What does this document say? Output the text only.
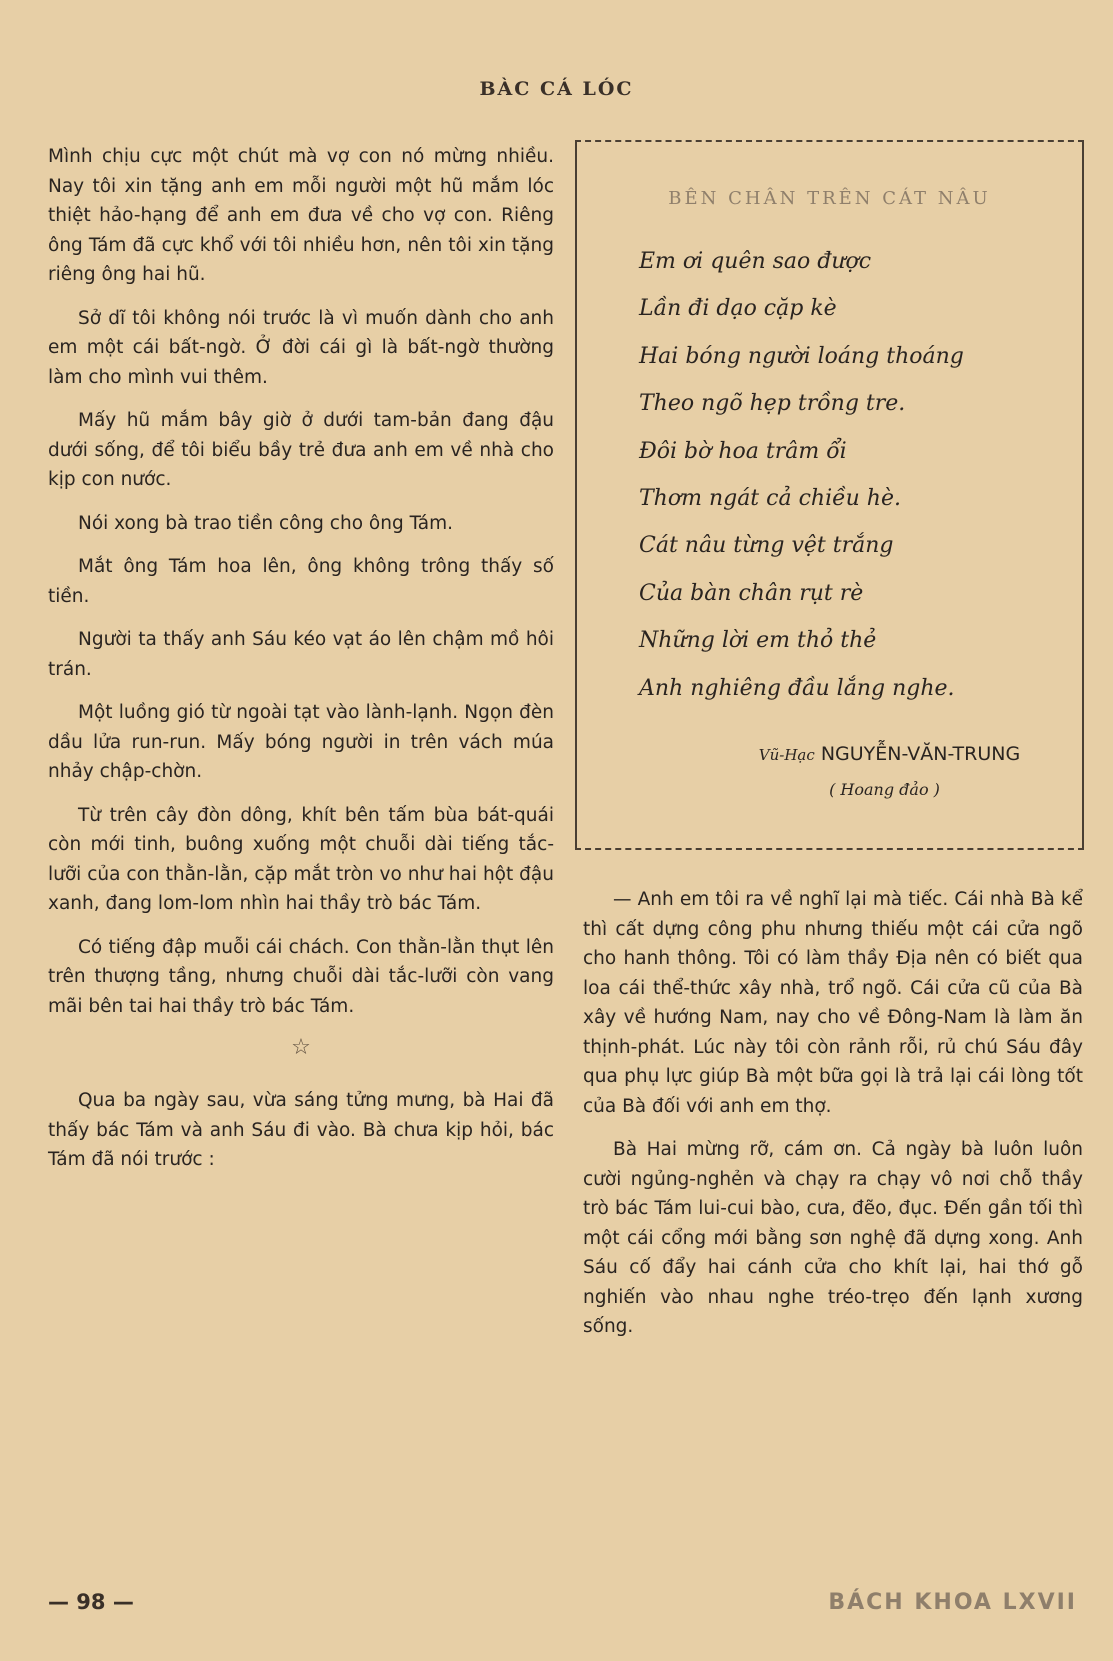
BÀC CÁ LÓC

Mình chịu cực một chút mà vợ con nó mừng nhiều. Nay tôi xin tặng anh em mỗi người một hũ mắm lóc thiệt hảo-hạng để anh em đưa về cho vợ con. Riêng ông Tám đã cực khổ với tôi nhiều hơn, nên tôi xin tặng riêng ông hai hũ.

Sở dĩ tôi không nói trước là vì muốn dành cho anh em một cái bất-ngờ. Ở đời cái gì là bất-ngờ thường làm cho mình vui thêm.

Mấy hũ mắm bây giờ ở dưới tam-bản đang đậu dưới sống, để tôi biểu bầy trẻ đưa anh em về nhà cho kịp con nước.

Nói xong bà trao tiền công cho ông Tám.

Mắt ông Tám hoa lên, ông không trông thấy số tiền.

Người ta thấy anh Sáu kéo vạt áo lên chậm mồ hôi trán.

Một luồng gió từ ngoài tạt vào lành-lạnh. Ngọn đèn dầu lửa run-run. Mấy bóng người in trên vách múa nhảy chập-chờn.

Từ trên cây đòn dông, khít bên tấm bùa bát-quái còn mới tinh, buông xuống một chuỗi dài tiếng tắc-lưỡi của con thằn-lằn, cặp mắt tròn vo như hai hột đậu xanh, đang lom-lom nhìn hai thầy trò bác Tám.

Có tiếng đập muỗi cái chách. Con thằn-lằn thụt lên trên thượng tầng, nhưng chuỗi dài tắc-lưỡi còn vang mãi bên tai hai thầy trò bác Tám.

☆

Qua ba ngày sau, vừa sáng tửng mưng, bà Hai đã thấy bác Tám và anh Sáu đi vào. Bà chưa kịp hỏi, bác Tám đã nói trước :

BÊN CHÂN TRÊN CÁT NÂU
Em ơi quên sao được
Lần đi dạo cặp kè
Hai bóng người loáng thoáng
Theo ngõ hẹp trồng tre.
Đôi bờ hoa trâm ổi
Thơm ngát cả chiều hè.
Cát nâu từng vệt trắng
Của bàn chân rụt rè
Những lời em thỏ thẻ
Anh nghiêng đầu lắng nghe.
Vũ-Hạc NGUYỄN-VĂN-TRUNG
( Hoang đảo )

— Anh em tôi ra về nghĩ lại mà tiếc. Cái nhà Bà kể thì cất dựng công phu nhưng thiếu một cái cửa ngõ cho hanh thông. Tôi có làm thầy Địa nên có biết qua loa cái thể-thức xây nhà, trổ ngõ. Cái cửa cũ của Bà xây về hướng Nam, nay cho về Đông-Nam là làm ăn thịnh-phát. Lúc này tôi còn rảnh rỗi, rủ chú Sáu đây qua phụ lực giúp Bà một bữa gọi là trả lại cái lòng tốt của Bà đối với anh em thợ.

Bà Hai mừng rỡ, cám ơn. Cả ngày bà luôn luôn cười ngủng-nghẻn và chạy ra chạy vô nơi chỗ thầy trò bác Tám lui-cui bào, cưa, đẽo, đục. Đến gần tối thì một cái cổng mới bằng sơn nghệ đã dựng xong. Anh Sáu cố đẩy hai cánh cửa cho khít lại, hai thớ gỗ nghiến vào nhau nghe tréo-trẹo đến lạnh xương sống.

— 98 —	BÁCH KHOA LXVII
